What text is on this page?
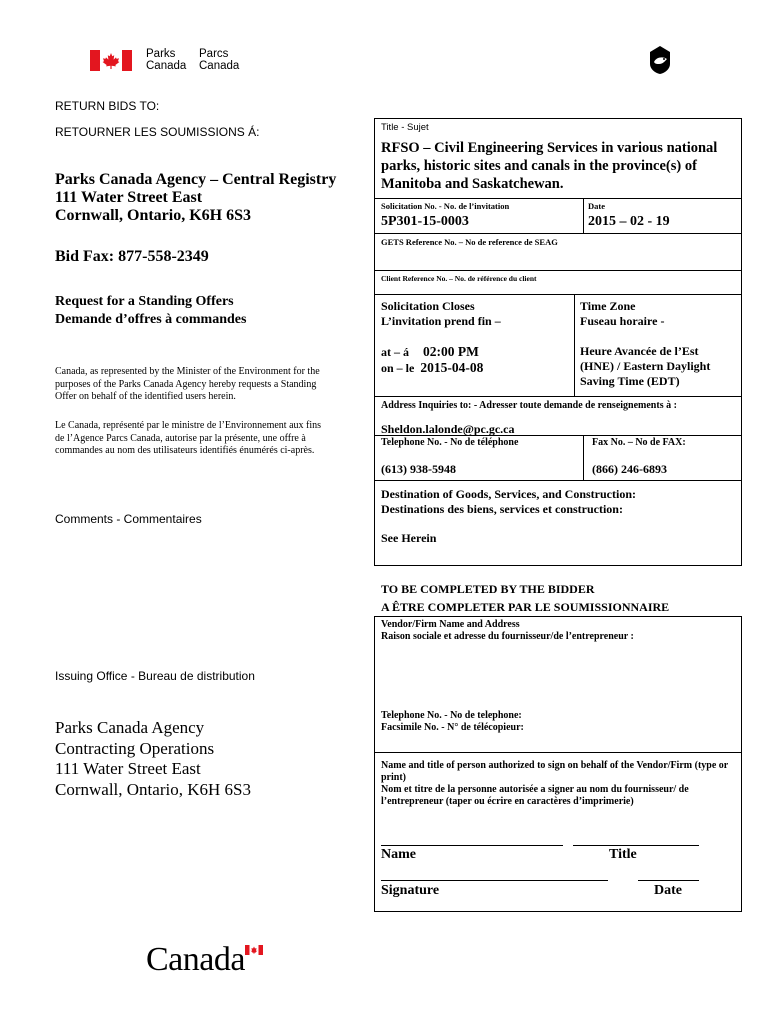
Parks
Canada
Parcs
Canada
RETURN BIDS TO:
RETOURNER LES SOUMISSIONS Á:
Parks Canada Agency – Central Registry
111 Water Street East
Cornwall, Ontario, K6H 6S3
Bid Fax: 877-558-2349
Request for a Standing Offers
Demande d’offres à commandes
Canada, as represented by the Minister of the Environment for the
purposes of the Parks Canada Agency hereby requests a Standing
Offer on behalf of the identified users herein.
Le Canada, représenté par le ministre de l’Environnement aux fins
de l’Agence Parcs Canada, autorise par la présente, une offre à
commandes au nom des utilisateurs identifiés énumérés ci-après.
Comments - Commentaires
Issuing Office - Bureau de distribution
Parks Canada Agency
Contracting Operations
111 Water Street East
Cornwall, Ontario, K6H 6S3
Title - Sujet
RFSO – Civil Engineering Services in various national
parks, historic sites and canals in the province(s) of
Manitoba and Saskatchewan.
Solicitation No. - No. de l’invitation
5P301-15-0003
Date
2015 – 02 - 19
GETS Reference No. – No de reference de SEAG
Client Reference No. – No. de référence du client
Solicitation Closes
L’invitation prend fin –
at – á 02:00 PM
on – le 2015-04-08
Time Zone
Fuseau horaire -
Heure Avancée de l’Est
(HNE) / Eastern Daylight
Saving Time (EDT)
Address Inquiries to: - Adresser toute demande de renseignements à :
Sheldon.lalonde@pc.gc.ca
Telephone No. - No de téléphone
(613) 938-5948
Fax No. – No de FAX:
(866) 246-6893
Destination of Goods, Services, and Construction:
Destinations des biens, services et construction:
See Herein
TO BE COMPLETED BY THE BIDDER
A ÊTRE COMPLETER PAR LE SOUMISSIONNAIRE
Vendor/Firm Name and Address
Raison sociale et adresse du fournisseur/de l’entrepreneur :
Telephone No. - No de telephone:
Facsimile No. - N° de télécopieur:
Name and title of person authorized to sign on behalf of the Vendor/Firm (type or
print)
Nom et titre de la personne autorisée a signer au nom du fournisseur/ de
l’entrepreneur (taper ou écrire en caractères d’imprimerie)
Name	Title
Signature	Date
Canada
